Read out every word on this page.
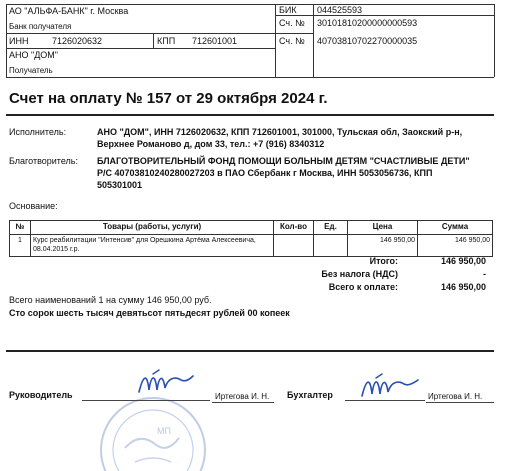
АО "АЛЬФА-БАНК" г. Москва
Банк получателя
БИК 044525593
Сч. № 30101810200000000593
ИНН	7126020632	КПП 712601001	Сч. № 40703810702270000035
АНО "ДОМ"
Получатель
Счет на оплату № 157 от 29 октября 2024 г.
Исполнитель:	АНО "ДОМ", ИНН 7126020632, КПП 712601001, 301000, Тульская обл, Заокский р-н,
Верхнее Романово д, дом 33, тел.: +7 (916) 8340312
Благотворитель: БЛАГОТВОРИТЕЛЬНЫЙ ФОНД ПОМОЩИ БОЛЬНЫМ ДЕТЯМ "СЧАСТЛИВЫЕ ДЕТИ"
Р/С 40703810240280027203 в ПАО Сбербанк г Москва, ИНН 5053056736, КПП
505301001
Основание:
№	Товары (работы, услуги)	Кол-во	Ед.	Цена	Сумма
1	Курс реабилитации "Интенсив" для Орешкина Артёма Алексеевича, 08.04.2015 г.р.			146 950,00	146 950,00
Итого:	146 950,00
Без налога (НДС)	-
Всего к оплате:	146 950,00
Всего наименований 1 на сумму 146 950,00 руб.
Сто сорок шесть тысяч девятьсот пятьдесят рублей 00 копеек
МП
Руководитель	Иртегова И. Н. Бухгалтер	Иртегова И. Н.
